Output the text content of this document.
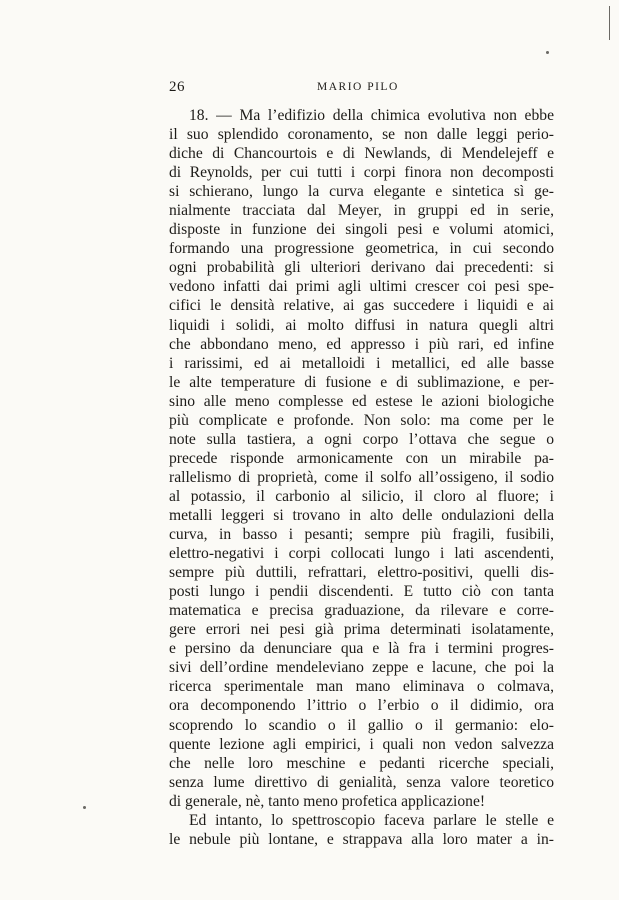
26	MARIO PILO
18. — Ma l’edifizio della chimica evolutiva non ebbe
il suo splendido coronamento, se non dalle leggi perio-
diche di Chancourtois e di Newlands, di Mendelejeff e
di Reynolds, per cui tutti i corpi finora non decomposti
si schierano, lungo la curva elegante e sintetica sì ge-
nialmente tracciata dal Meyer, in gruppi ed in serie,
disposte in funzione dei singoli pesi e volumi atomici,
formando una progressione geometrica, in cui secondo
ogni probabilità gli ulteriori derivano dai precedenti: si
vedono infatti dai primi agli ultimi crescer coi pesi spe-
cifici le densità relative, ai gas succedere i liquidi e ai
liquidi i solidi, ai molto diffusi in natura quegli altri
che abbondano meno, ed appresso i più rari, ed infine
i rarissimi, ed ai metalloidi i metallici, ed alle basse
le alte temperature di fusione e di sublimazione, e per-
sino alle meno complesse ed estese le azioni biologiche
più complicate e profonde. Non solo: ma come per le
note sulla tastiera, a ogni corpo l’ottava che segue o
precede risponde armonicamente con un mirabile pa-
rallelismo di proprietà, come il solfo all’ossigeno, il sodio
al potassio, il carbonio al silicio, il cloro al fluore; i
metalli leggeri si trovano in alto delle ondulazioni della
curva, in basso i pesanti; sempre più fragili, fusibili,
elettro-negativi i corpi collocati lungo i lati ascendenti,
sempre più duttili, refrattari, elettro-positivi, quelli dis-
posti lungo i pendii discendenti. E tutto ciò con tanta
matematica e precisa graduazione, da rilevare e corre-
gere errori nei pesi già prima determinati isolatamente,
e persino da denunciare qua e là fra i termini progres-
sivi dell’ordine mendeleviano zeppe e lacune, che poi la
ricerca sperimentale man mano eliminava o colmava,
ora decomponendo l’ittrio o l’erbio o il didimio, ora
scoprendo lo scandio o il gallio o il germanio: elo-
quente lezione agli empirici, i quali non vedon salvezza
che nelle loro meschine e pedanti ricerche speciali,
senza lume direttivo di genialità, senza valore teoretico
di generale, nè, tanto meno profetica applicazione!
Ed intanto, lo spettroscopio faceva parlare le stelle e
le nebule più lontane, e strappava alla loro mater a in-
